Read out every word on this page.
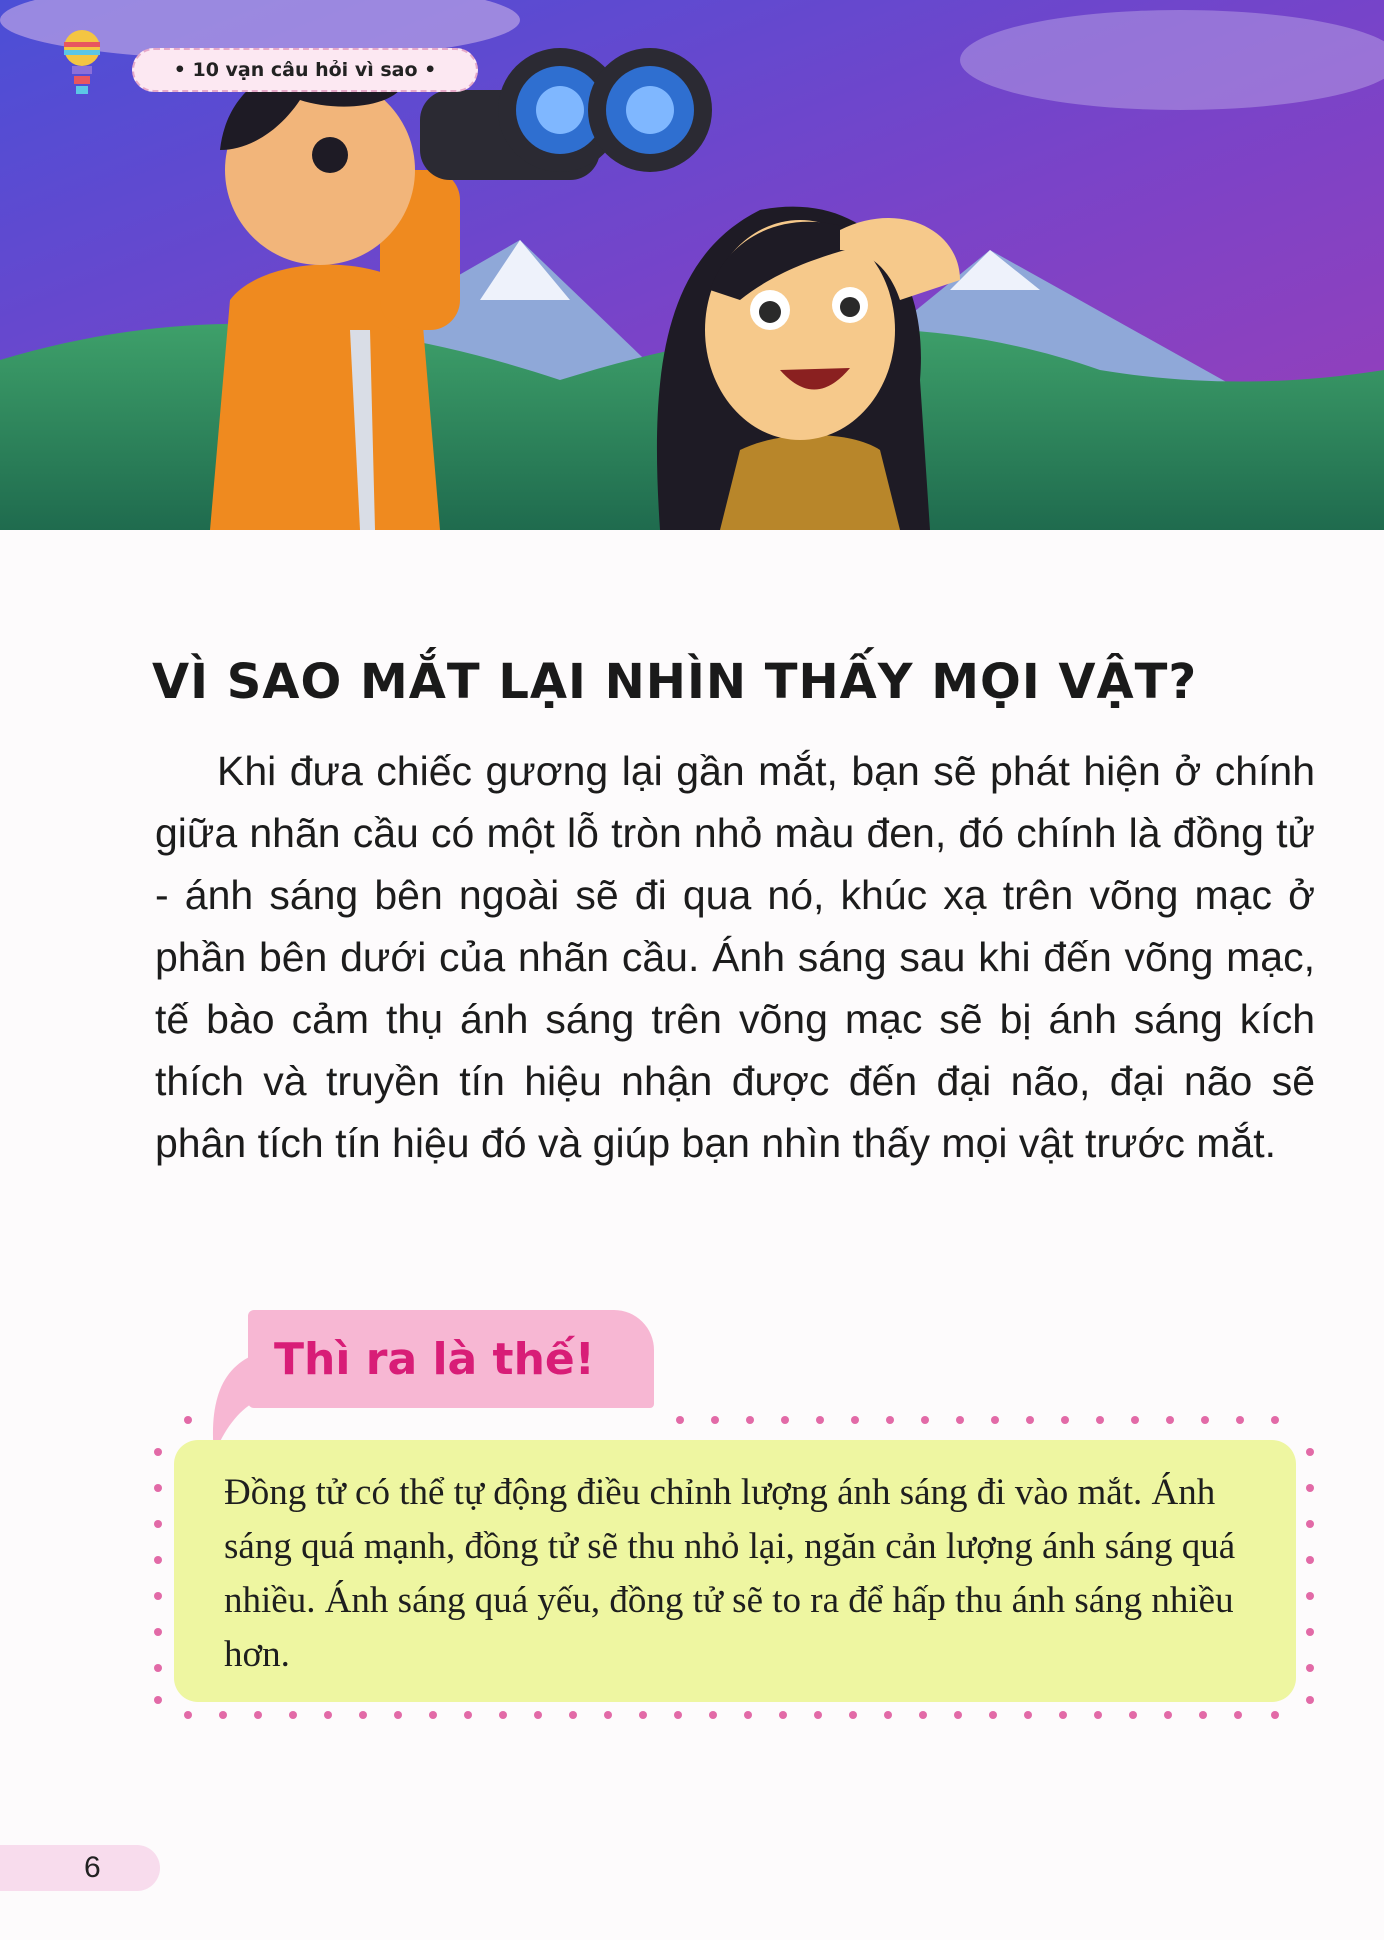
• 10 vạn câu hỏi vì sao •
VÌ SAO MẮT LẠI NHÌN THẤY MỌI VẬT?

Khi đưa chiếc gương lại gần mắt, bạn sẽ phát hiện ở chính giữa nhãn cầu có một lỗ tròn nhỏ màu đen, đó chính là đồng tử - ánh sáng bên ngoài sẽ đi qua nó, khúc xạ trên võng mạc ở phần bên dưới của nhãn cầu. Ánh sáng sau khi đến võng mạc, tế bào cảm thụ ánh sáng trên võng mạc sẽ bị ánh sáng kích thích và truyền tín hiệu nhận được đến đại não, đại não sẽ phân tích tín hiệu đó và giúp bạn nhìn thấy mọi vật trước mắt.

Thì ra là thế!
Đồng tử có thể tự động điều chỉnh lượng ánh sáng đi vào mắt. Ánh sáng quá mạnh, đồng tử sẽ thu nhỏ lại, ngăn cản lượng ánh sáng quá nhiều. Ánh sáng quá yếu, đồng tử sẽ to ra để hấp thu ánh sáng nhiều hơn.
6
